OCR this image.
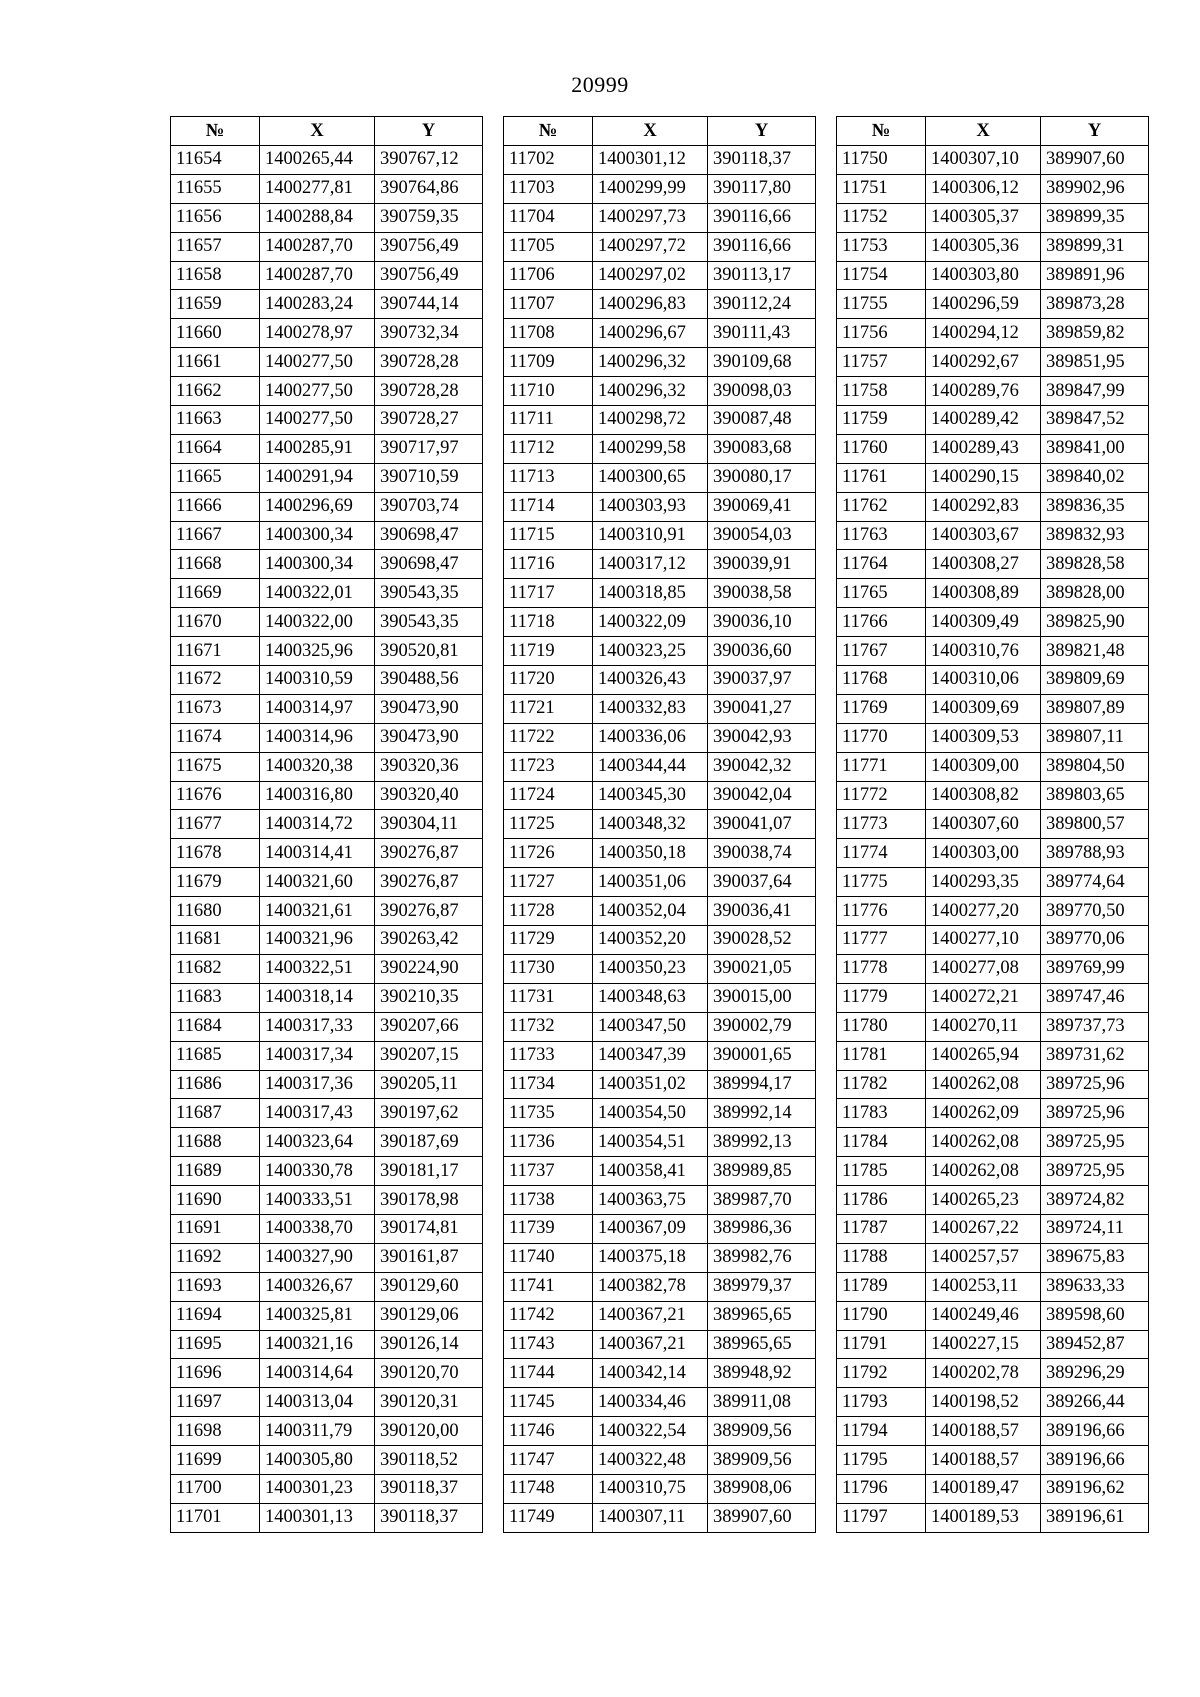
20999
№	X	Y
11654	1400265,44	390767,12
11655	1400277,81	390764,86
11656	1400288,84	390759,35
11657	1400287,70	390756,49
11658	1400287,70	390756,49
11659	1400283,24	390744,14
11660	1400278,97	390732,34
11661	1400277,50	390728,28
11662	1400277,50	390728,28
11663	1400277,50	390728,27
11664	1400285,91	390717,97
11665	1400291,94	390710,59
11666	1400296,69	390703,74
11667	1400300,34	390698,47
11668	1400300,34	390698,47
11669	1400322,01	390543,35
11670	1400322,00	390543,35
11671	1400325,96	390520,81
11672	1400310,59	390488,56
11673	1400314,97	390473,90
11674	1400314,96	390473,90
11675	1400320,38	390320,36
11676	1400316,80	390320,40
11677	1400314,72	390304,11
11678	1400314,41	390276,87
11679	1400321,60	390276,87
11680	1400321,61	390276,87
11681	1400321,96	390263,42
11682	1400322,51	390224,90
11683	1400318,14	390210,35
11684	1400317,33	390207,66
11685	1400317,34	390207,15
11686	1400317,36	390205,11
11687	1400317,43	390197,62
11688	1400323,64	390187,69
11689	1400330,78	390181,17
11690	1400333,51	390178,98
11691	1400338,70	390174,81
11692	1400327,90	390161,87
11693	1400326,67	390129,60
11694	1400325,81	390129,06
11695	1400321,16	390126,14
11696	1400314,64	390120,70
11697	1400313,04	390120,31
11698	1400311,79	390120,00
11699	1400305,80	390118,52
11700	1400301,23	390118,37
11701	1400301,13	390118,37
№	X	Y
11702	1400301,12	390118,37
11703	1400299,99	390117,80
11704	1400297,73	390116,66
11705	1400297,72	390116,66
11706	1400297,02	390113,17
11707	1400296,83	390112,24
11708	1400296,67	390111,43
11709	1400296,32	390109,68
11710	1400296,32	390098,03
11711	1400298,72	390087,48
11712	1400299,58	390083,68
11713	1400300,65	390080,17
11714	1400303,93	390069,41
11715	1400310,91	390054,03
11716	1400317,12	390039,91
11717	1400318,85	390038,58
11718	1400322,09	390036,10
11719	1400323,25	390036,60
11720	1400326,43	390037,97
11721	1400332,83	390041,27
11722	1400336,06	390042,93
11723	1400344,44	390042,32
11724	1400345,30	390042,04
11725	1400348,32	390041,07
11726	1400350,18	390038,74
11727	1400351,06	390037,64
11728	1400352,04	390036,41
11729	1400352,20	390028,52
11730	1400350,23	390021,05
11731	1400348,63	390015,00
11732	1400347,50	390002,79
11733	1400347,39	390001,65
11734	1400351,02	389994,17
11735	1400354,50	389992,14
11736	1400354,51	389992,13
11737	1400358,41	389989,85
11738	1400363,75	389987,70
11739	1400367,09	389986,36
11740	1400375,18	389982,76
11741	1400382,78	389979,37
11742	1400367,21	389965,65
11743	1400367,21	389965,65
11744	1400342,14	389948,92
11745	1400334,46	389911,08
11746	1400322,54	389909,56
11747	1400322,48	389909,56
11748	1400310,75	389908,06
11749	1400307,11	389907,60
№	X	Y
11750	1400307,10	389907,60
11751	1400306,12	389902,96
11752	1400305,37	389899,35
11753	1400305,36	389899,31
11754	1400303,80	389891,96
11755	1400296,59	389873,28
11756	1400294,12	389859,82
11757	1400292,67	389851,95
11758	1400289,76	389847,99
11759	1400289,42	389847,52
11760	1400289,43	389841,00
11761	1400290,15	389840,02
11762	1400292,83	389836,35
11763	1400303,67	389832,93
11764	1400308,27	389828,58
11765	1400308,89	389828,00
11766	1400309,49	389825,90
11767	1400310,76	389821,48
11768	1400310,06	389809,69
11769	1400309,69	389807,89
11770	1400309,53	389807,11
11771	1400309,00	389804,50
11772	1400308,82	389803,65
11773	1400307,60	389800,57
11774	1400303,00	389788,93
11775	1400293,35	389774,64
11776	1400277,20	389770,50
11777	1400277,10	389770,06
11778	1400277,08	389769,99
11779	1400272,21	389747,46
11780	1400270,11	389737,73
11781	1400265,94	389731,62
11782	1400262,08	389725,96
11783	1400262,09	389725,96
11784	1400262,08	389725,95
11785	1400262,08	389725,95
11786	1400265,23	389724,82
11787	1400267,22	389724,11
11788	1400257,57	389675,83
11789	1400253,11	389633,33
11790	1400249,46	389598,60
11791	1400227,15	389452,87
11792	1400202,78	389296,29
11793	1400198,52	389266,44
11794	1400188,57	389196,66
11795	1400188,57	389196,66
11796	1400189,47	389196,62
11797	1400189,53	389196,61
